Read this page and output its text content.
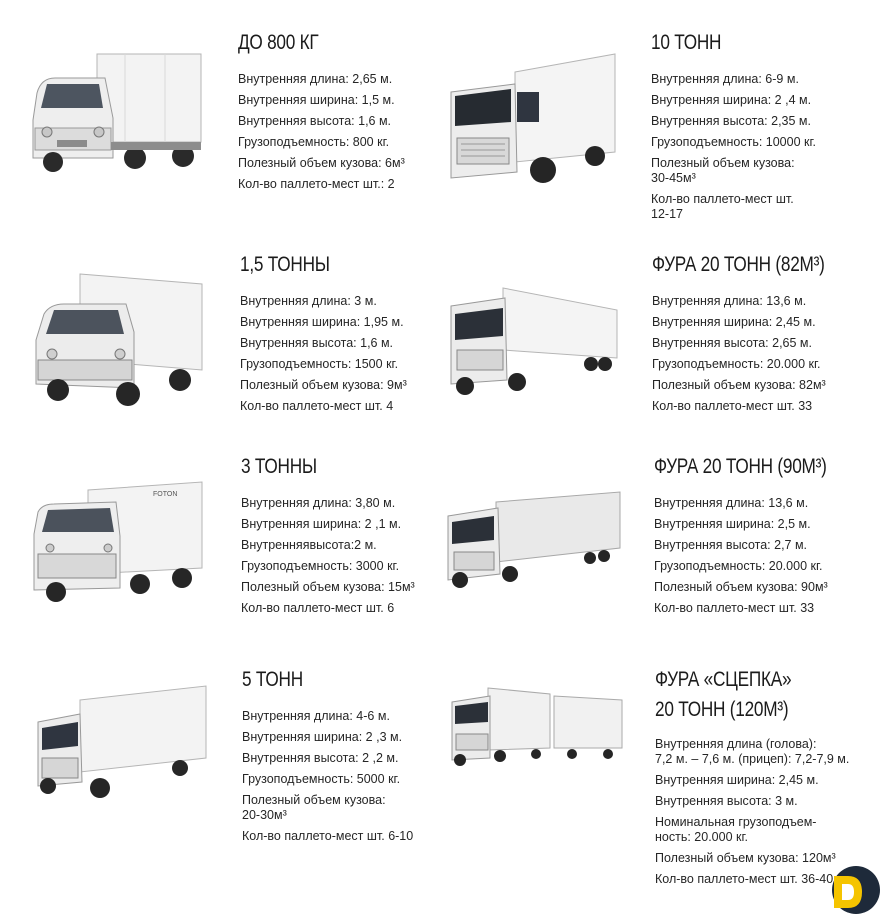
ДО 800 КГ
Внутренняя длина: 2,65 м.
Внутренняя ширина: 1,5 м.
Внутренняя высота: 1,6 м.
Грузоподъемность: 800 кг.
Полезный объем кузова: 6м³
Кол-во паллето-мест шт.: 2
10 ТОНН
Внутренняя длина: 6-9 м.
Внутренняя ширина: 2 ,4 м.
Внутренняя высота: 2,35 м.
Грузоподъемность: 10000 кг.
Полезный объем кузова:
30-45м³
Кол-во паллето-мест шт.
12-17
1,5 ТОННЫ
Внутренняя длина: 3 м.
Внутренняя ширина: 1,95 м.
Внутренняя высота: 1,6 м.
Грузоподъемность: 1500 кг.
Полезный объем кузова: 9м³
Кол-во паллето-мест шт. 4
ФУРА 20 ТОНН (82М³)
Внутренняя длина: 13,6 м.
Внутренняя ширина: 2,45 м.
Внутренняя высота: 2,65 м.
Грузоподъемность: 20.000 кг.
Полезный объем кузова: 82м³
Кол-во паллето-мест шт. 33
FOTON
3 ТОННЫ
Внутренняя длина: 3,80 м.
Внутренняя ширина: 2 ,1 м.
Внутренняявысота:2 м.
Грузоподъемность: 3000 кг.
Полезный объем кузова: 15м³
Кол-во паллето-мест шт. 6
ФУРА 20 ТОНН (90М³)
Внутренняя длина: 13,6 м.
Внутренняя ширина: 2,5 м.
Внутренняя высота: 2,7 м.
Грузоподъемность: 20.000 кг.
Полезный объем кузова: 90м³
Кол-во паллето-мест шт. 33
5 ТОНН
Внутренняя длина: 4-6 м.
Внутренняя ширина: 2 ,3 м.
Внутренняя высота: 2 ,2 м.
Грузоподъемность: 5000 кг.
Полезный объем кузова:
20-30м³
Кол-во паллето-мест шт. 6-10
ФУРА «СЦЕПКА»
20 ТОНН (120М³)
Внутренняя длина (голова):
7,2 м. – 7,6 м. (прицеп): 7,2-7,9 м.
Внутренняя ширина: 2,45 м.
Внутренняя высота: 3 м.
Номинальная грузоподъем-
ность: 20.000 кг.
Полезный объем кузова: 120м³
Кол-во паллето-мест шт. 36-40
